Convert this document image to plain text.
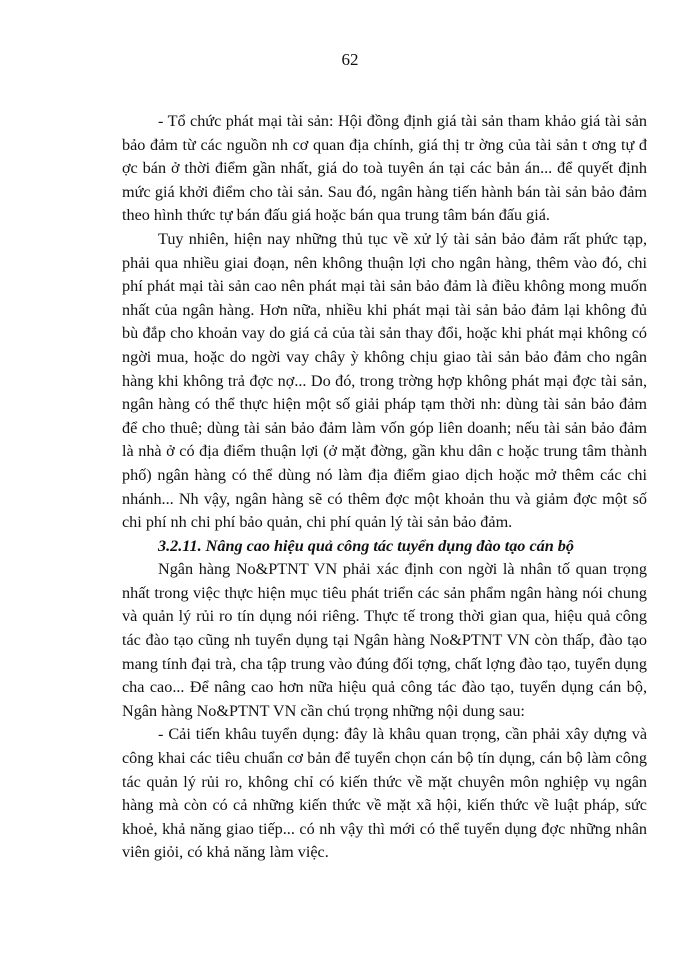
62

- Tổ chức phát mại tài sản: Hội đồng định giá tài sản tham khảo giá tài sản bảo đảm từ các nguồn nh cơ quan địa chính, giá thị tr ờng của tài sản t ơng tự đ ợc bán ở thời điểm gần nhất, giá do toà tuyên án tại các bản án... để quyết định mức giá khởi điểm cho tài sản. Sau đó, ngân hàng tiến hành bán tài sản bảo đảm theo hình thức tự bán đấu giá hoặc bán qua trung tâm bán đấu giá.

Tuy nhiên, hiện nay những thủ tục về xử lý tài sản bảo đảm rất phức tạp, phải qua nhiều giai đoạn, nên không thuận lợi cho ngân hàng, thêm vào đó, chi phí phát mại tài sản cao nên phát mại tài sản bảo đảm là điều không mong muốn nhất của ngân hàng. Hơn nữa, nhiều khi phát mại tài sản bảo đảm lại không đủ bù đắp cho khoản vay do giá cả của tài sản thay đổi, hoặc khi phát mại không có ngời mua, hoặc do ngời vay chây ỳ không chịu giao tài sản bảo đảm cho ngân hàng khi không trả đợc nợ... Do đó, trong trờng hợp không phát mại đợc tài sản, ngân hàng có thể thực hiện một số giải pháp tạm thời nh: dùng tài sản bảo đảm để cho thuê; dùng tài sản bảo đảm làm vốn góp liên doanh; nếu tài sản bảo đảm là nhà ở có địa điểm thuận lợi (ở mặt đờng, gần khu dân c hoặc trung tâm thành phố) ngân hàng có thể dùng nó làm địa điểm giao dịch hoặc mở thêm các chi nhánh... Nh vậy, ngân hàng sẽ có thêm đợc một khoản thu và giảm đợc một số chi phí nh chi phí bảo quản, chi phí quản lý tài sản bảo đảm.

3.2.11. Nâng cao hiệu quả công tác tuyển dụng đào tạo cán bộ

Ngân hàng No&PTNT VN phải xác định con ngời là nhân tố quan trọng nhất trong việc thực hiện mục tiêu phát triển các sản phẩm ngân hàng nói chung và quản lý rủi ro tín dụng nói riêng. Thực tế trong thời gian qua, hiệu quả công tác đào tạo cũng nh tuyển dụng tại Ngân hàng No&PTNT VN còn thấp, đào tạo mang tính đại trà, cha tập trung vào đúng đối tợng, chất lợng đào tạo, tuyển dụng cha cao... Để nâng cao hơn nữa hiệu quả công tác đào tạo, tuyển dụng cán bộ, Ngân hàng No&PTNT VN cần chú trọng những nội dung sau:

- Cải tiến khâu tuyển dụng: đây là khâu quan trọng, cần phải xây dựng và công khai các tiêu chuẩn cơ bản để tuyển chọn cán bộ tín dụng, cán bộ làm công tác quản lý rủi ro, không chỉ có kiến thức về mặt chuyên môn nghiệp vụ ngân hàng mà còn có cả những kiến thức về mặt xã hội, kiến thức về luật pháp, sức khoẻ, khả năng giao tiếp... có nh vậy thì mới có thể tuyển dụng đợc những nhân viên giỏi, có khả năng làm việc.
